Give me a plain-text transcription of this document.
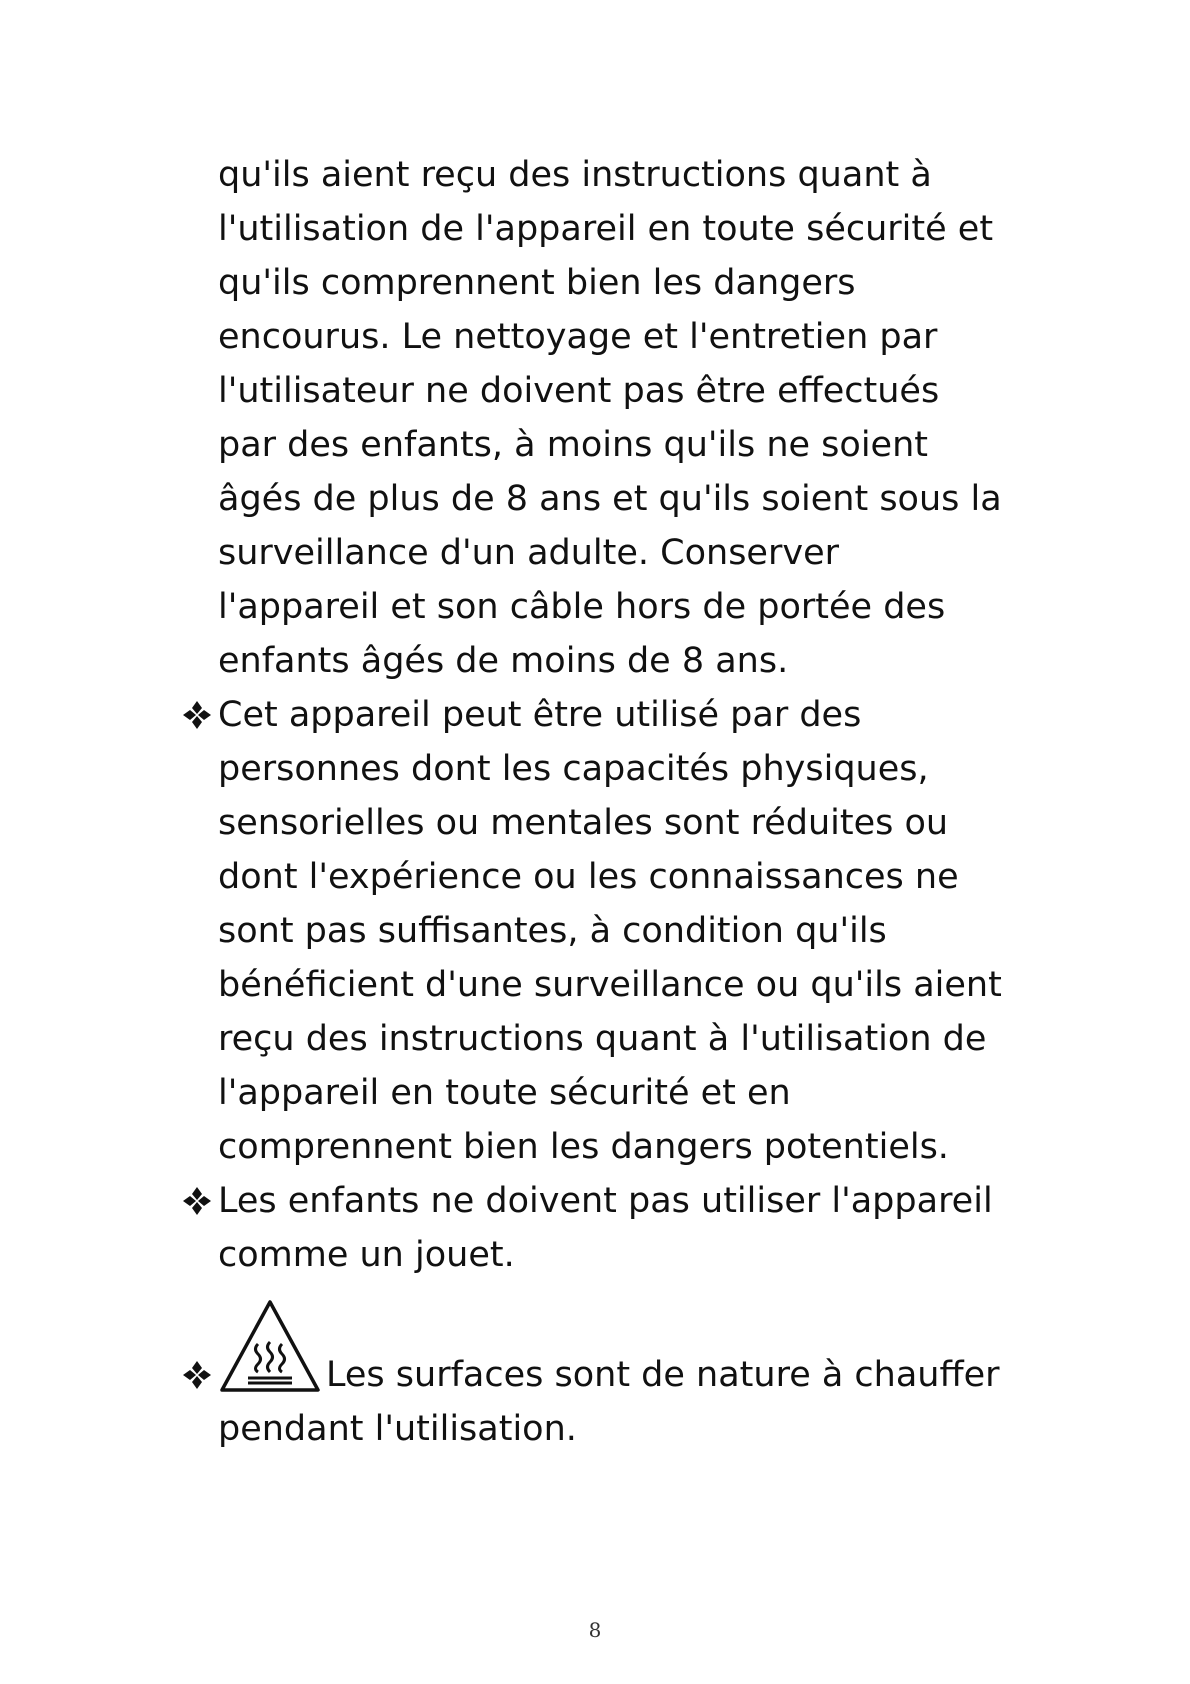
qu'ils aient reçu des instructions quant à
l'utilisation de l'appareil en toute sécurité et
qu'ils comprennent bien les dangers
encourus. Le nettoyage et l'entretien par
l'utilisateur ne doivent pas être effectués
par des enfants, à moins qu'ils ne soient
âgés de plus de 8 ans et qu'ils soient sous la
surveillance d'un adulte. Conserver
l'appareil et son câble hors de portée des
enfants âgés de moins de 8 ans.

Cet appareil peut être utilisé par des
personnes dont les capacités physiques,
sensorielles ou mentales sont réduites ou
dont l'expérience ou les connaissances ne
sont pas suffisantes, à condition qu'ils
bénéficient d'une surveillance ou qu'ils aient
reçu des instructions quant à l'utilisation de
l'appareil en toute sécurité et en
comprennent bien les dangers potentiels.

Les enfants ne doivent pas utiliser l'appareil
comme un jouet.

Les surfaces sont de nature à chauffer
pendant l'utilisation.
8
